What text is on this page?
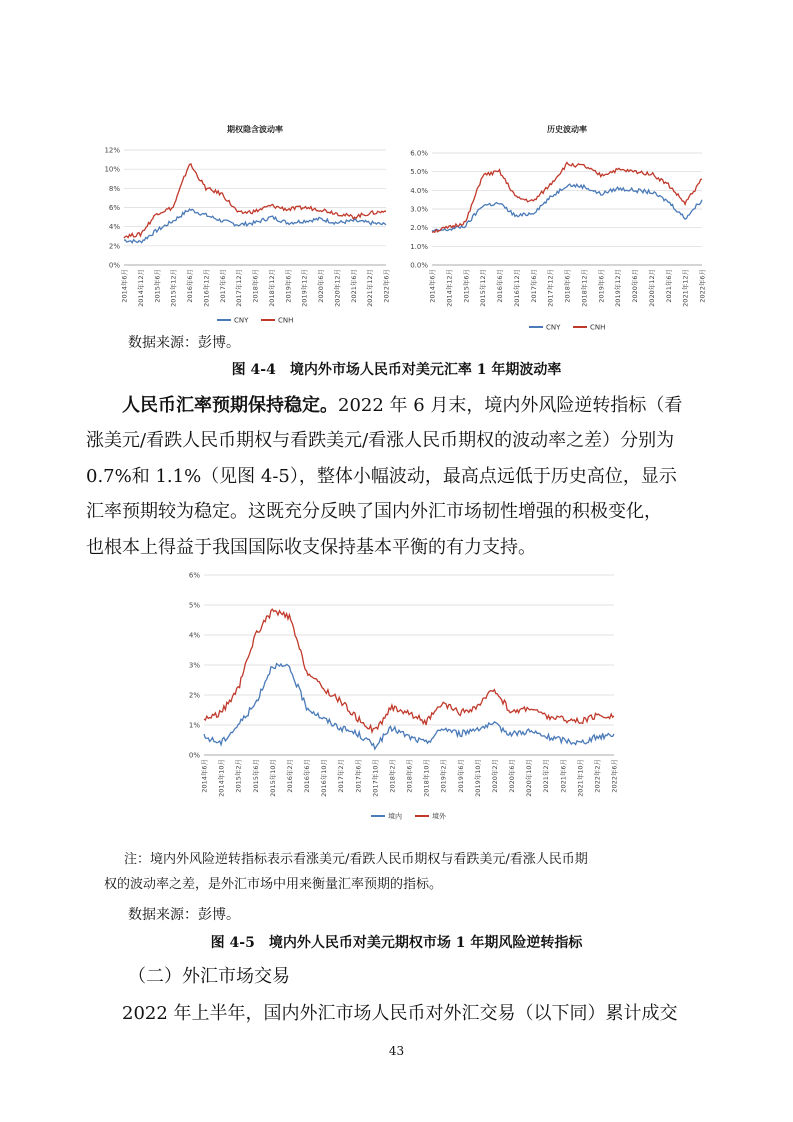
期权隐含波动率
0%
2%
4%
6%
8%
10%
12%
2014年6月 2014年12月 2015年6月 2015年12月 2016年6月 2016年12月 2017年6月 2017年12月 2018年6月 2018年12月 2019年6月 2019年12月 2020年6月 2020年12月 2021年6月 2021年12月 2022年6月
CNY	CNH
历史波动率
0.0%
1.0%
2.0%
3.0%
4.0%
5.0%
6.0%
2014年6月 2014年12月 2015年6月 2015年12月 2016年6月 2016年12月 2017年6月 2017年12月 2018年6月 2018年12月 2019年6月 2019年12月 2020年6月 2020年12月 2021年6月 2021年12月 2022年6月
CNY	CNH
数据来源：彭博。
图 4-4　境内外市场人民币对美元汇率 1 年期波动率
人民币汇率预期保持稳定。2022 年 6 月末，境内外风险逆转指标（看
涨美元/看跌人民币期权与看跌美元/看涨人民币期权的波动率之差）分别为
0.7%和 1.1%（见图 4-5），整体小幅波动，最高点远低于历史高位，显示
汇率预期较为稳定。这既充分反映了国内外汇市场韧性增强的积极变化，
也根本上得益于我国国际收支保持基本平衡的有力支持。
0%
1%
2%
3%
4%
5%
6%
2014年6月 2014年10月 2015年2月 2015年6月 2015年10月 2016年2月 2016年6月 2016年10月 2017年2月 2017年6月 2017年10月 2018年2月 2018年6月 2018年10月 2019年2月 2019年6月 2019年10月 2020年2月 2020年6月 2020年10月 2021年2月 2021年6月 2021年10月 2022年2月 2022年6月
境内	境外
注：境内外风险逆转指标表示看涨美元/看跌人民币期权与看跌美元/看涨人民币期
权的波动率之差，是外汇市场中用来衡量汇率预期的指标。
数据来源：彭博。
图 4-5　境内外人民币对美元期权市场 1 年期风险逆转指标
（二）外汇市场交易
2022 年上半年，国内外汇市场人民币对外汇交易（以下同）累计成交
43
